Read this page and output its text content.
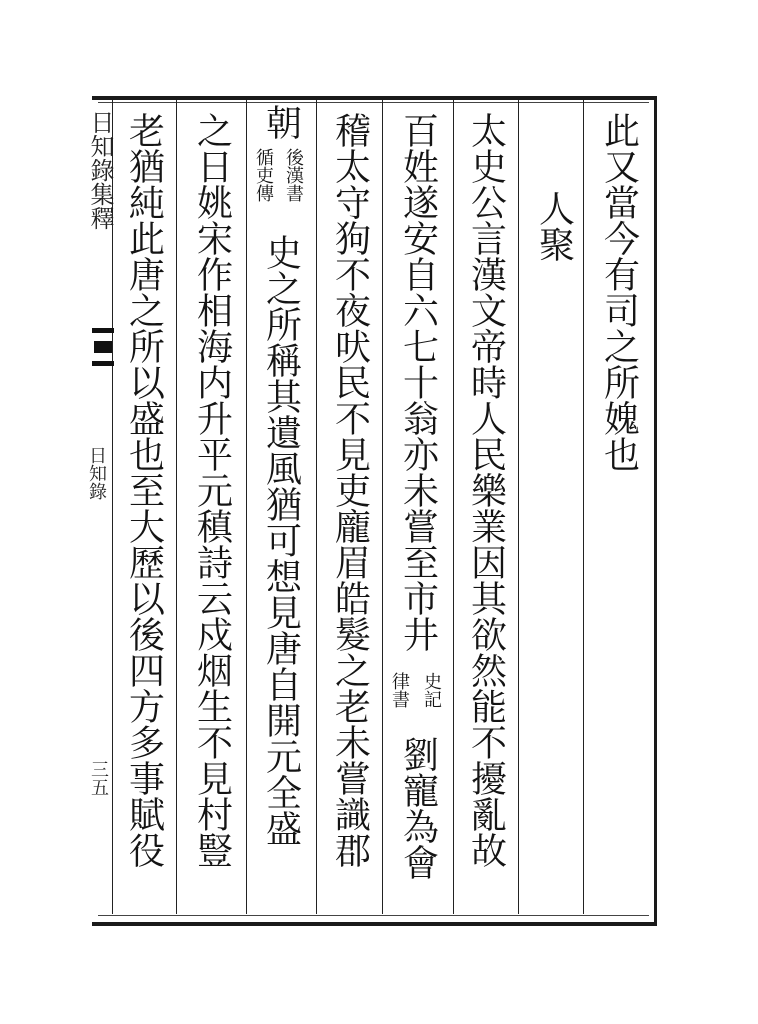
日知錄集釋
日知錄
三五
此又當今有司之所媿也
人聚
太史公言漢文帝時人民樂業因其欲然能不擾亂故
百姓遂安自六七十翁亦未嘗至市井
史記
律書
劉寵為會
稽太守狗不夜吠民不見吏龐眉皓髮之老未嘗識郡
朝
後漢書
循吏傳
史之所稱其遺風猶可想見唐自開元全盛
之日姚宋作相海内升平元稹詩云戍烟生不見村豎
老猶純此唐之所以盛也至大歷以後四方多事賦役
